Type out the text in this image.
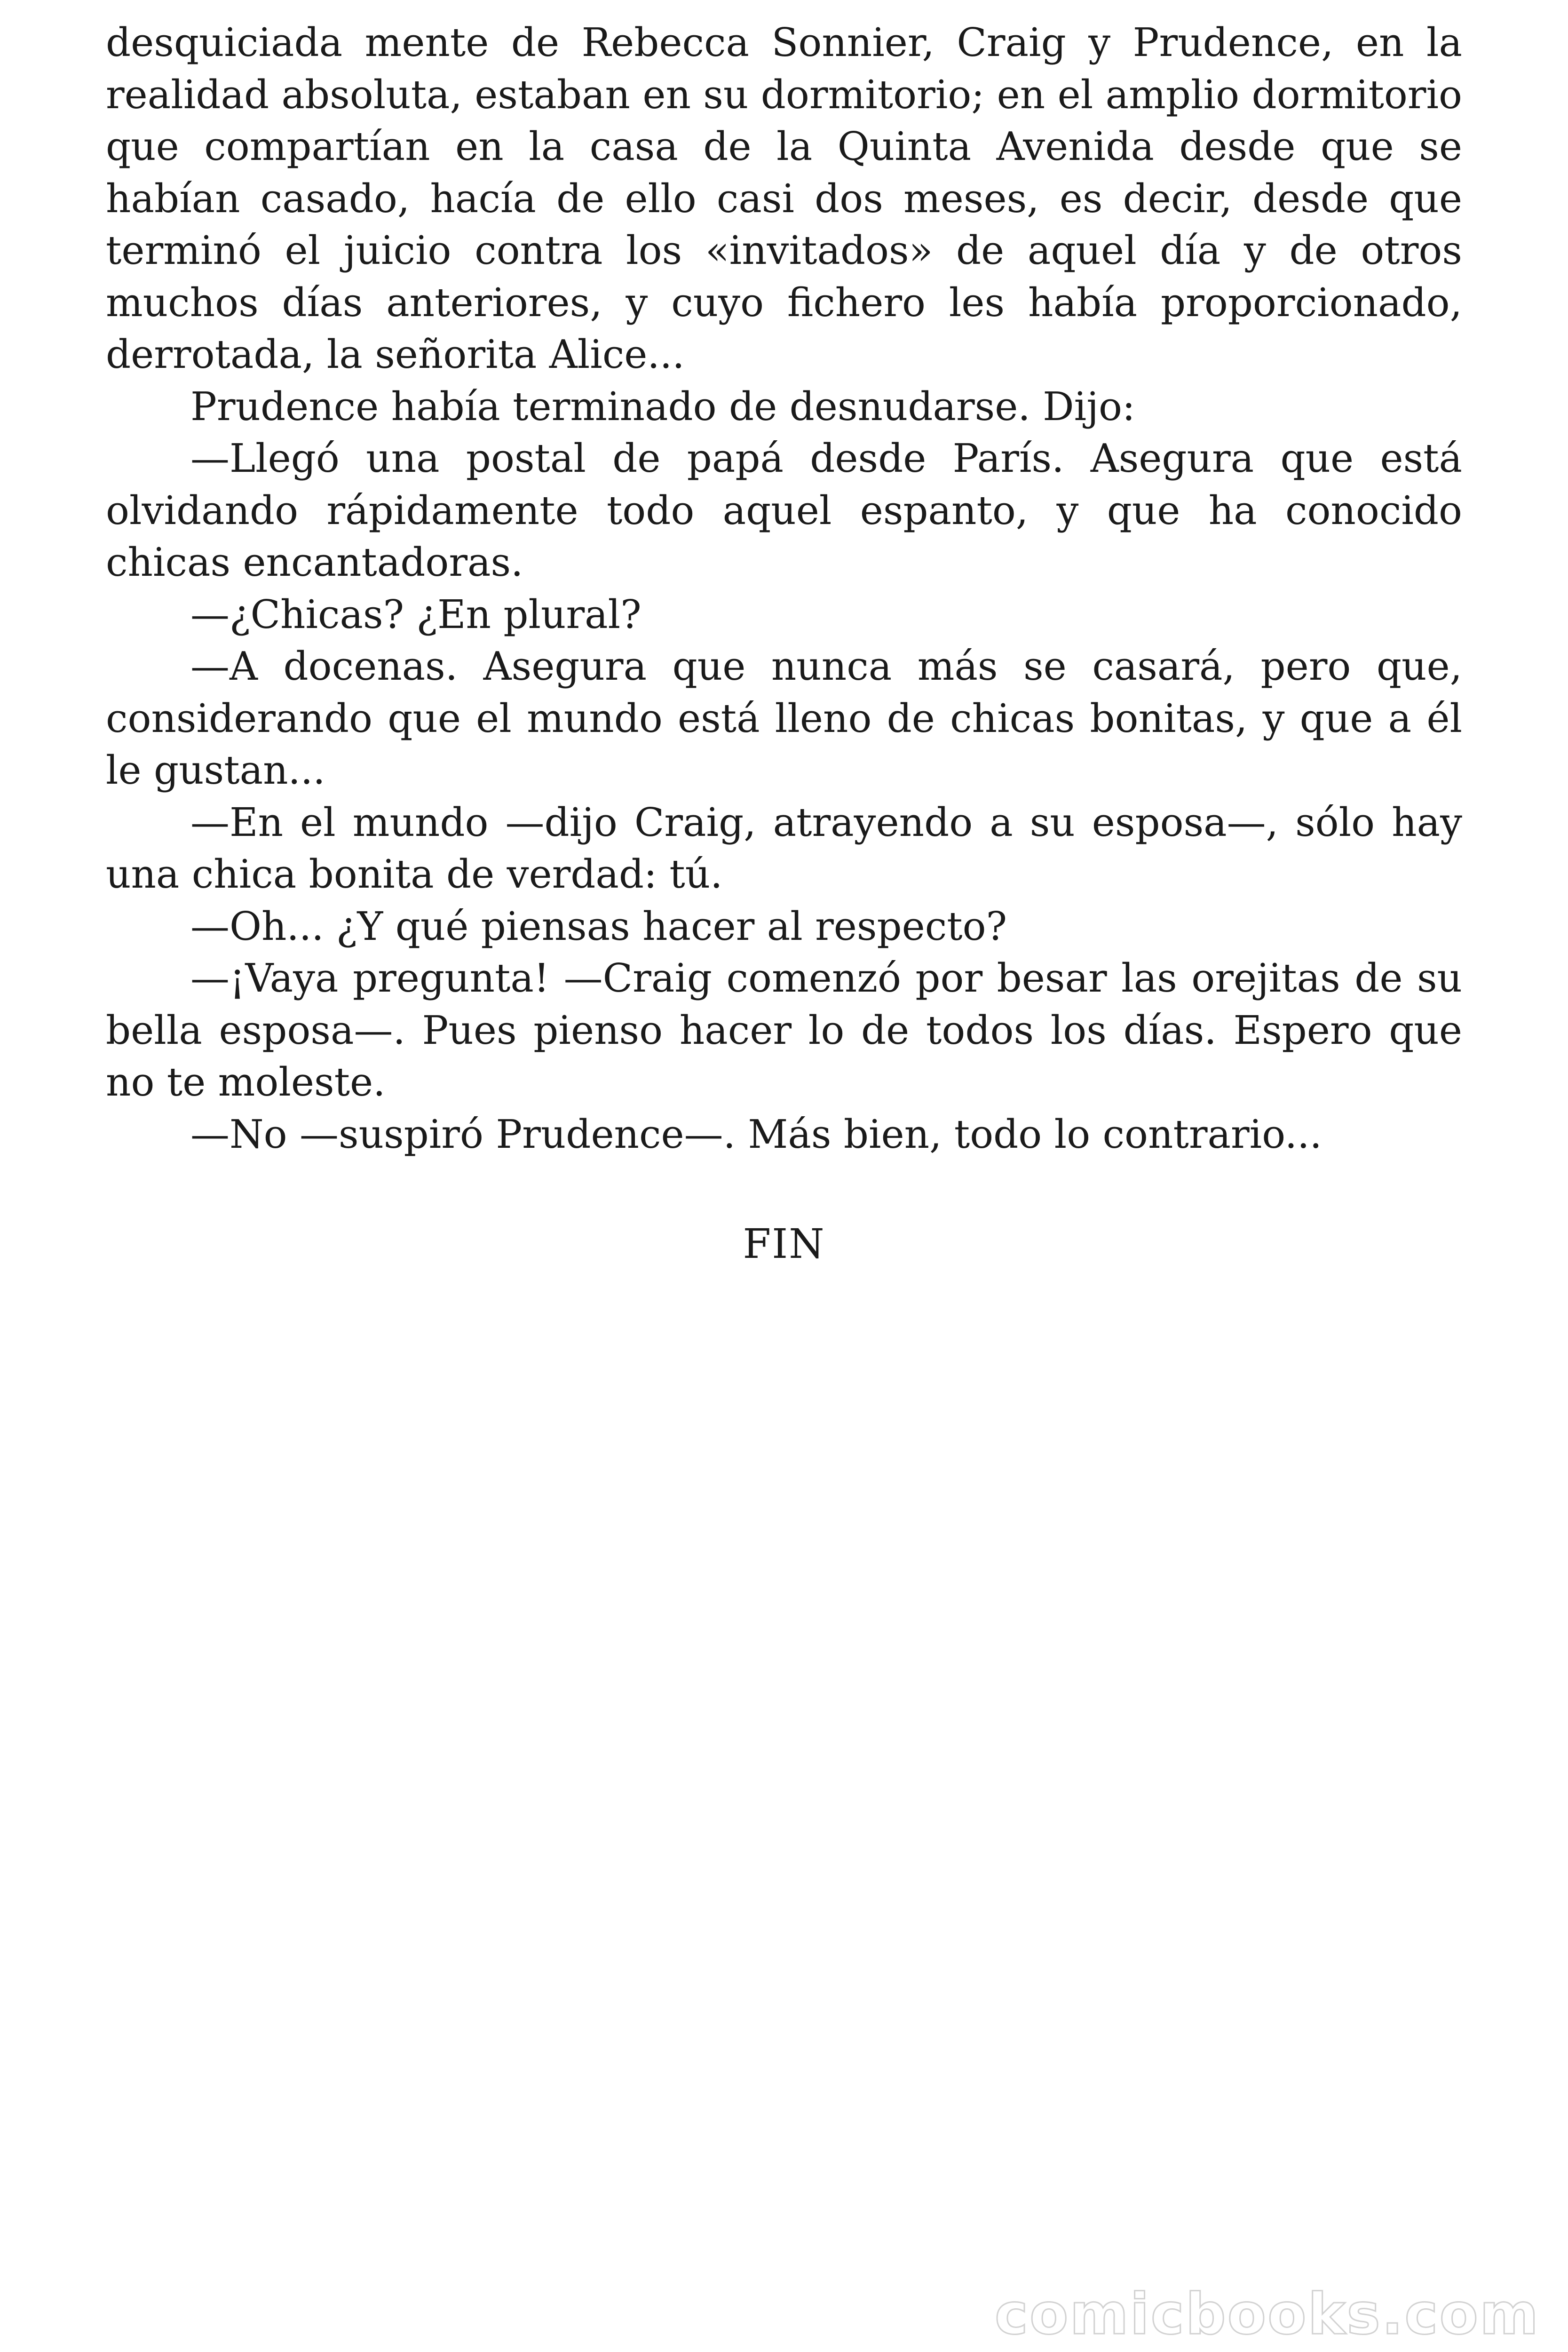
desquiciada mente de Rebecca Sonnier, Craig y Prudence, en la realidad absoluta, estaban en su dormitorio; en el amplio dormitorio que compartían en la casa de la Quinta Avenida desde que se habían casado, hacía de ello casi dos meses, es decir, desde que terminó el juicio contra los «invitados» de aquel día y de otros muchos días anteriores, y cuyo fichero les había proporcionado, derrotada, la señorita Alice...

Prudence había terminado de desnudarse. Dijo:

—Llegó una postal de papá desde París. Asegura que está olvidando rápidamente todo aquel espanto, y que ha conocido chicas encantadoras.

—¿Chicas? ¿En plural?

—A docenas. Asegura que nunca más se casará, pero que, considerando que el mundo está lleno de chicas bonitas, y que a él le gustan...

—En el mundo —dijo Craig, atrayendo a su esposa—, sólo hay una chica bonita de verdad: tú.

—Oh... ¿Y qué piensas hacer al respecto?

—¡Vaya pregunta! —Craig comenzó por besar las orejitas de su bella esposa—. Pues pienso hacer lo de todos los días. Espero que no te moleste.

—No —suspiró Prudence—. Más bien, todo lo contrario...

FIN
comicbooks.com
